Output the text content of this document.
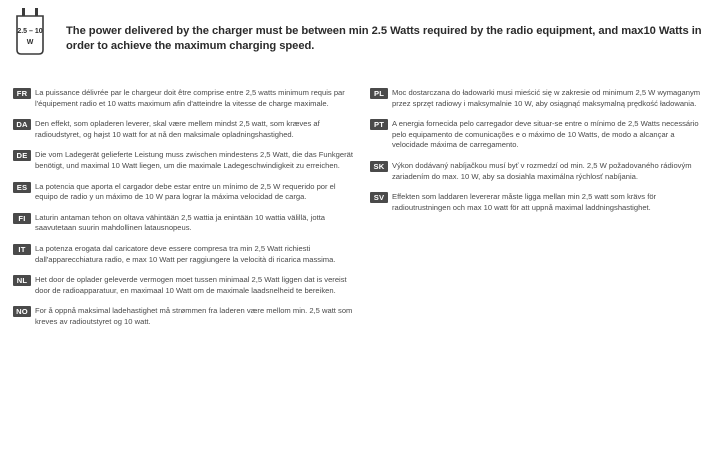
2.5 – 10
W
The power delivered by the charger must be between min 2.5 Watts required by the radio equipment, and max10 Watts in order to achieve the maximum charging speed.
FR	La puissance délivrée par le chargeur doit être comprise entre 2,5 watts minimum requis par l'équipement radio et 10 watts maximum afin d'atteindre la vitesse de charge maximale.
DA Den effekt, som opladeren leverer, skal være mellem mindst 2,5 watt, som kræves af radioudstyret, og højst 10 watt for at nå den maksimale opladningshastighed.
DE Die vom Ladegerät gelieferte Leistung muss zwischen mindestens 2,5 Watt, die das Funkgerät benötigt, und maximal 10 Watt liegen, um die maximale Ladegeschwindigkeit zu erreichen.
ES	La potencia que aporta el cargador debe estar entre un mínimo de 2,5 W requerido por el equipo de radio y un máximo de 10 W para lograr la máxima velocidad de carga.
FI	Laturin antaman tehon on oltava vähintään 2,5 wattia ja enintään 10 wattia välillä, jotta saavutetaan suurin mahdollinen latausnopeus.
IT	La potenza erogata dal caricatore deve essere compresa tra min 2,5 Watt richiesti dall'apparecchiatura radio, e max 10 Watt per raggiungere la velocità di ricarica massima.
NL	Het door de oplader geleverde vermogen moet tussen minimaal 2,5 Watt liggen dat is vereist door de radioapparatuur, en maximaal 10 Watt om de maximale laadsnelheid te bereiken.
NO For å oppnå maksimal ladehastighet må strømmen fra laderen være mellom min. 2,5 watt som kreves av radioutstyret og 10 watt.
PL	Moc dostarczana do ładowarki musi mieścić się w zakresie od minimum 2,5 W wymaganym przez sprzęt radiowy i maksymalnie 10 W, aby osiągnąć maksymalną prędkość ładowania.
PT	A energia fornecida pelo carregador deve situar-se entre o mínimo de 2,5 Watts necessário pelo equipamento de comunicações e o máximo de 10 Watts, de modo a alcançar a velocidade máxima de carregamento.
SK Výkon dodávaný nabíjačkou musí byť v rozmedzí od min. 2,5 W požadovaného rádiovým zariadením do max. 10 W, aby sa dosiahla maximálna rýchlosť nabíjania.
SV	Effekten som laddaren levererar måste ligga mellan min 2,5 watt som krävs för radioutrustningen och max 10 watt för att uppnå maximal laddningshastighet.
